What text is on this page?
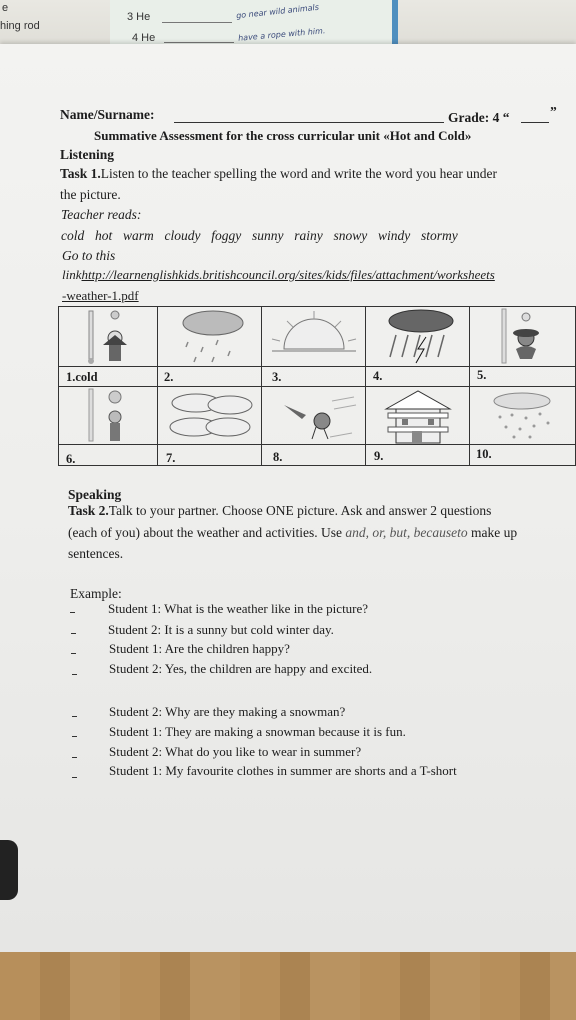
e
hing rod
3 He
4 He
go near wild animals
have a rope with him.
Name/Surname:	Grade: 4 “	”
Summative Assessment for the cross curricular unit «Hot and Cold»
Listening
Task 1.Listen to the teacher spelling the word and write the word you hear under
the picture.
Teacher reads:
cold  hot  warm  cloudy  foggy  sunny  rainy  snowy  windy  stormy
Go to this
linkhttp://learnenglishkids.britishcouncil.org/sites/kids/files/attachment/worksheets
-weather-1.pdf
1.cold	2.	3.	4.	5.
6.	7.	8.	9.	10.
Speaking
Task 2.Talk to your partner. Choose ONE picture. Ask and answer 2 questions
(each of you) about the weather and activities. Use and, or, but, becauseto make up
sentences.
Example:
Student 1: What is the weather like in the picture?
Student 2: It is a sunny but cold winter day.
Student 1: Are the children happy?
Student 2: Yes, the children are happy and excited.
Student 2: Why are they making a snowman?
Student 1: They are making a snowman because it is fun.
Student 2: What do you like to wear in summer?
Student 1: My favourite clothes in summer are shorts and a T-short
